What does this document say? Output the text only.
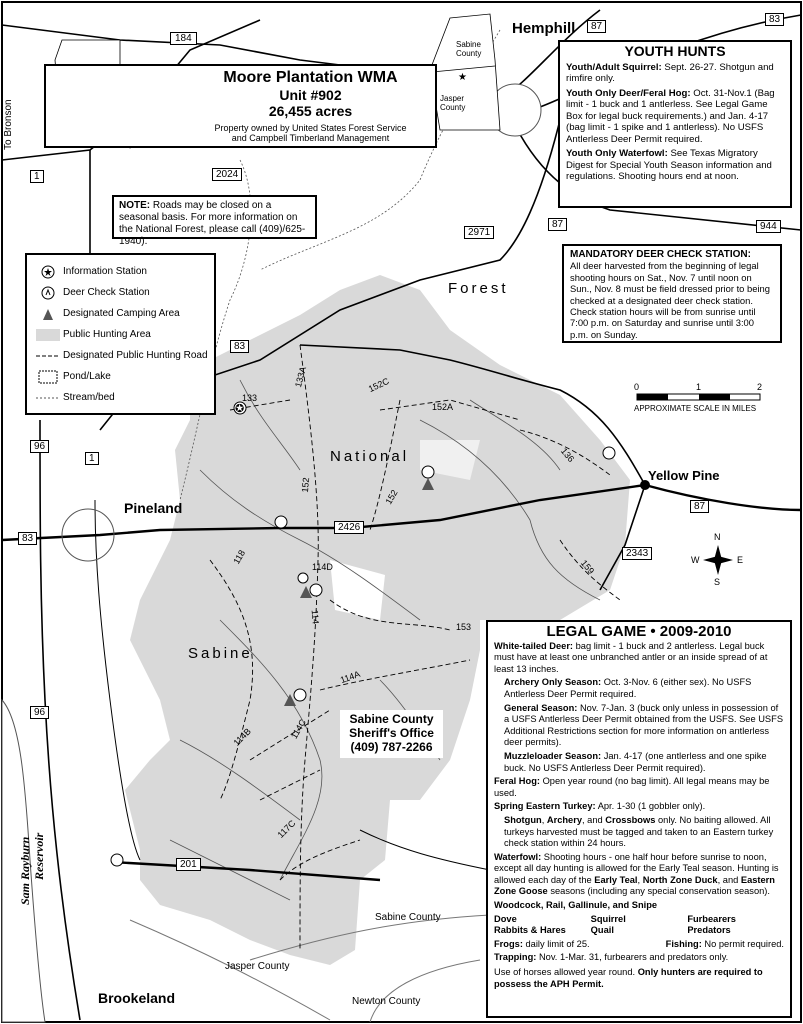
★
✪
184
Hemphill	87
83
To Bronson
1	2024
87	944
2971
Forest
83
133
133A	152C
152A
136
96
1	National
152
152
Yellow Pine
Pineland
2426
87
83
118	2343
114D	159
114
153
Sabine
114A
96
114B	114C
Sam Rayburn Reservoir
117C
201
Sabine County
Jasper County
Brookeland	Newton County
Sabine County
Jasper County
N
S
E
W
0	1	2
APPROXIMATE SCALE IN MILES
Moore Plantation WMA
Unit #902
26,455 acres
Property owned by United States Forest Service
and Campbell Timberland Management
NOTE: Roads may be closed on a seasonal basis. For more information on the National Forest, please call (409)/625-1940).
Information Station
Deer Check Station
Designated Camping Area
Public Hunting Area
Designated Public Hunting Road
Pond/Lake
Stream/bed
YOUTH HUNTS

Youth/Adult Squirrel: Sept. 26-27. Shotgun and rimfire only.

Youth Only Deer/Feral Hog: Oct. 31-Nov.1 (Bag limit - 1 buck and 1 antlerless. See Legal Game Box for legal buck requirements.) and Jan. 4-17 (bag limit - 1 spike and 1 antlerless). No USFS Antlerless Deer Permit required.

Youth Only Waterfowl: See Texas Migratory Digest for Special Youth Season information and regulations. Shooting hours end at noon.

MANDATORY DEER CHECK STATION:
All deer harvested from the beginning of legal shooting hours on Sat., Nov. 7 until noon on Sun., Nov. 8 must be field dressed prior to being checked at a designated deer check station. Check station hours will be from sunrise until 7:00 p.m. on Saturday and sunrise until 3:00 p.m. on Sunday.
Sabine County
Sheriff's Office
(409) 787-2266
LEGAL GAME • 2009-2010

White-tailed Deer: bag limit - 1 buck and 2 antlerless. Legal buck must have at least one unbranched antler or an inside spread of at least 13 inches.

Archery Only Season: Oct. 3-Nov. 6 (either sex). No USFS Antlerless Deer Permit required.

General Season: Nov. 7-Jan. 3 (buck only unless in possession of a USFS Antlerless Deer Permit obtained from the USFS. See USFS Additional Restrictions section for more information on antlerless deer permits).

Muzzleloader Season: Jan. 4-17 (one antlerless and one spike buck. No USFS Antlerless Deer Permit required).

Feral Hog: Open year round (no bag limit). All legal means may be used.

Spring Eastern Turkey: Apr. 1-30 (1 gobbler only).

Shotgun, Archery, and Crossbows only. No baiting allowed. All turkeys harvested must be tagged and taken to an Eastern turkey check station within 24 hours.

Waterfowl: Shooting hours - one half hour before sunrise to noon, except all day hunting is allowed for the Early Teal season. Hunting is allowed each day of the Early Teal, North Zone Duck, and Eastern Zone Goose seasons (including any special conservation season).

Woodcock, Rail, Gallinule, and Snipe

Dove	Squirrel	Furbearers
Rabbits & Hares	Quail	Predators

Frogs: daily limit of 25.	Fishing: No permit required.

Trapping: Nov. 1-Mar. 31, furbearers and predators only.

Use of horses allowed year round. Only hunters are required to possess the APH Permit.
